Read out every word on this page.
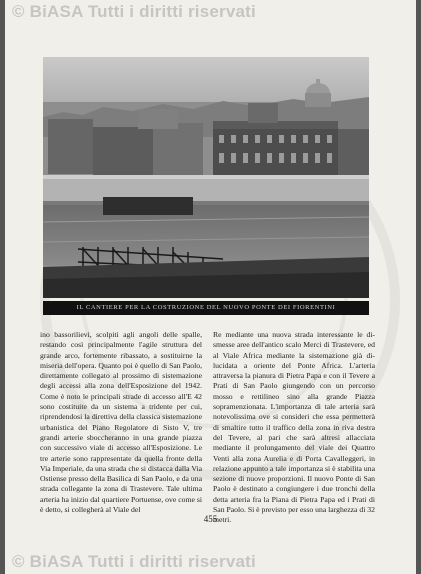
© BiASA Tutti i diritti riservati
IL CANTIERE PER LA COSTRUZIONE DEL NUOVO PONTE DEI FIORENTINI

ino bassorilievi, scolpiti agli angoli delle spalle, restando così principalmente l'agile struttura del grande arco, fortemente ribassato, a sostituirne la miseria dell'opera. Quanto poi è quello di San Paolo, direttamente collegato al prossimo di sistemazione degli accessi alla zona dell'Esposizione del 1942. Come è noto le principali strade di accesso all'E 42 sono costituite da un sistema a tridente per cui, riprendendosi la direttiva della classica sistemazione urbanistica del Piano Regolatore di Sisto V, tre grandi arterie sboccheranno in una grande piazza con successivo viale di accesso all'Esposizione. Le tre arterie sono rappresentate da quella fronte della Via Imperiale, da una strada che si distacca dalla Via Ostiense presso della Basilica di San Paolo, e da una strada collegante la zona di Trastevere. Tale ultima arteria ha inizio dal quartiere Portuense, ove come si è detto, si collegherà al Viale del

Re mediante una nuova strada interessante le di- smesse aree dell'antico scalo Merci di Trastevere, ed al Viale Africa mediante la sistemazione già di- lucidata a oriente del Ponte Africa. L'arteria attraversa la pianura di Pietra Papa e con il Tevere a Prati di San Paolo giungendo con un percorso mosso e rettilineo sino alla grande Piazza sopramenzionata. L'importanza di tale arteria sarà notevolissima ove si consideri che essa permetterà di smaltire tutto il traffico della zona in riva destra del Tevere, al pari che sarà altresì allacciata mediante il prolungamento del viale dei Quattro Venti alla zona Aurelia e di Porta Cavalleggeri, in relazione appunto a tale importanza si è stabilita una sezione di nuove proporzioni. Il nuovo Ponte di San Paolo è destinato a congiungere i due tronchi della detta arteria fra la Piana di Pietra Papa ed i Prati di San Paolo. Si è previsto per esso una larghezza di 32 metri.

455
© BiASA Tutti i diritti riservati
